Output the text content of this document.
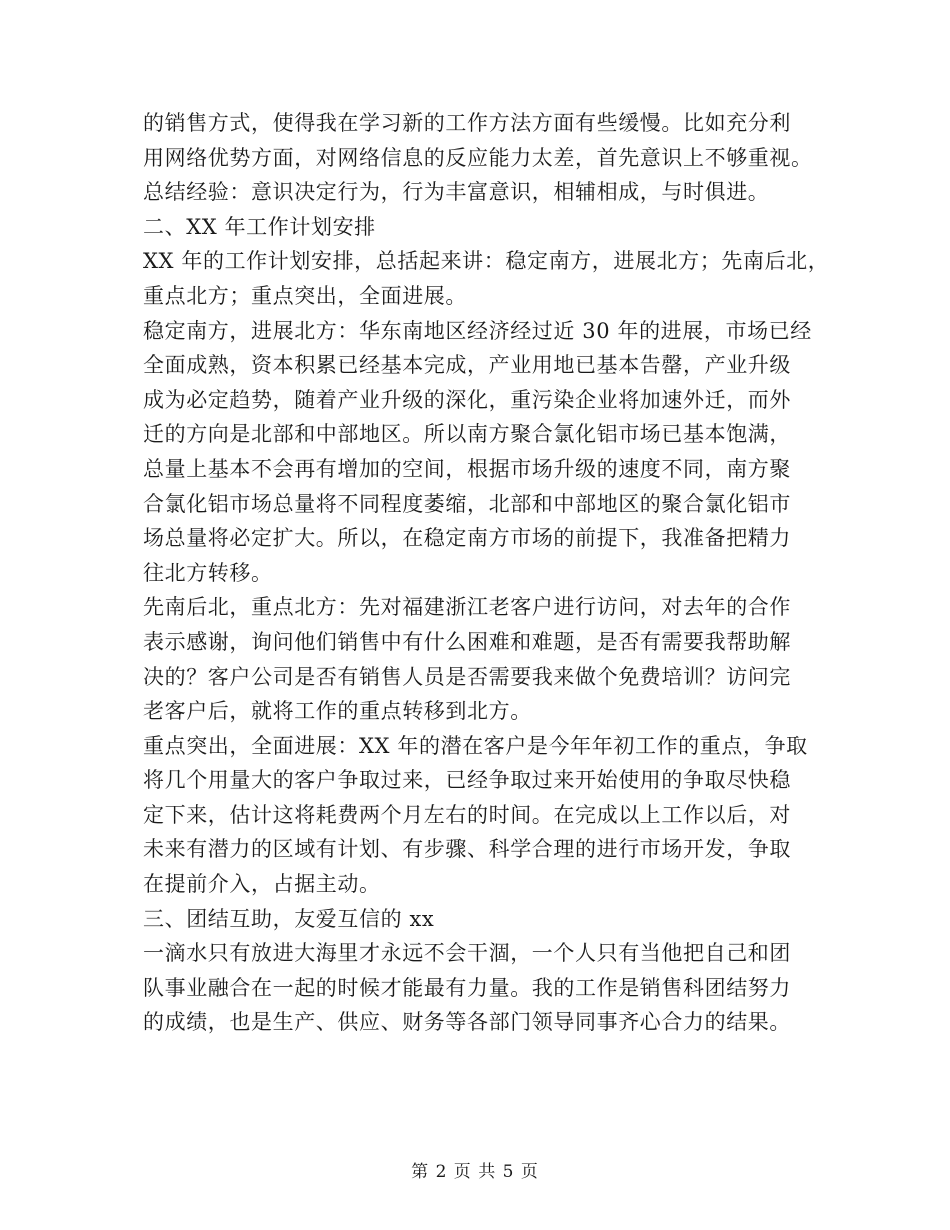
的销售方式，使得我在学习新的工作方法方面有些缓慢。比如充分利
用网络优势方面，对网络信息的反应能力太差，首先意识上不够重视。
总结经验：意识决定行为，行为丰富意识，相辅相成，与时俱进。
二、XX 年工作计划安排
XX 年的工作计划安排，总括起来讲：稳定南方，进展北方；先南后北，
重点北方；重点突出，全面进展。
稳定南方，进展北方：华东南地区经济经过近 30 年的进展，市场已经
全面成熟，资本积累已经基本完成，产业用地已基本告罄，产业升级
成为必定趋势，随着产业升级的深化，重污染企业将加速外迁，而外
迁的方向是北部和中部地区。所以南方聚合氯化铝市场已基本饱满，
总量上基本不会再有增加的空间，根据市场升级的速度不同，南方聚
合氯化铝市场总量将不同程度萎缩，北部和中部地区的聚合氯化铝市
场总量将必定扩大。所以，在稳定南方市场的前提下，我准备把精力
往北方转移。
先南后北，重点北方：先对福建浙江老客户进行访问，对去年的合作
表示感谢，询问他们销售中有什么困难和难题，是否有需要我帮助解
决的？客户公司是否有销售人员是否需要我来做个免费培训？访问完
老客户后，就将工作的重点转移到北方。
重点突出，全面进展：XX 年的潜在客户是今年年初工作的重点，争取
将几个用量大的客户争取过来，已经争取过来开始使用的争取尽快稳
定下来，估计这将耗费两个月左右的时间。在完成以上工作以后，对
未来有潜力的区域有计划、有步骤、科学合理的进行市场开发，争取
在提前介入，占据主动。
三、团结互助，友爱互信的 xx
一滴水只有放进大海里才永远不会干涸，一个人只有当他把自己和团
队事业融合在一起的时候才能最有力量。我的工作是销售科团结努力
的成绩，也是生产、供应、财务等各部门领导同事齐心合力的结果。
第 2 页 共 5 页
